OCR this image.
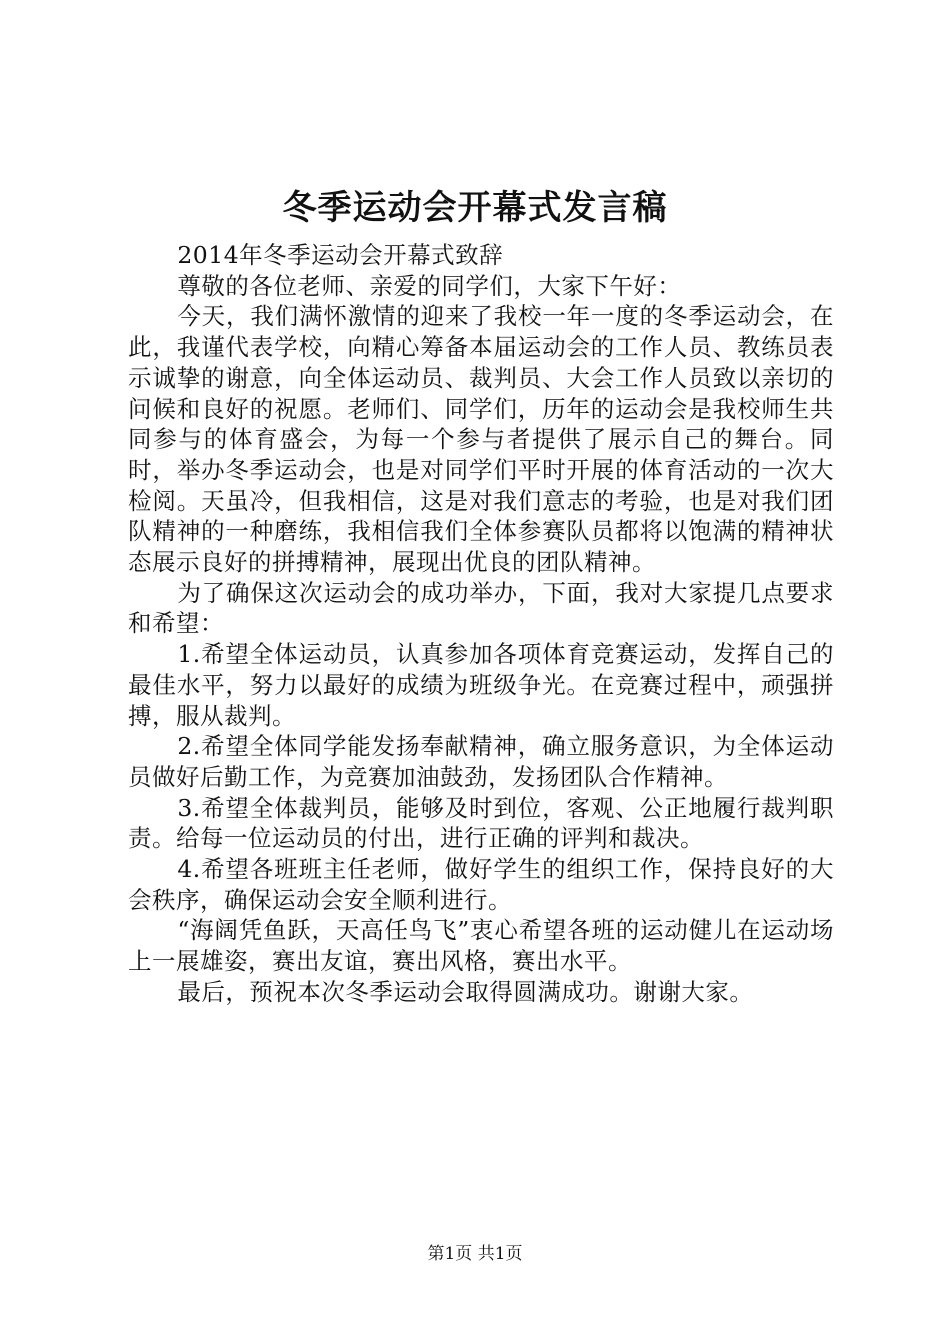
冬季运动会开幕式发言稿

2014年冬季运动会开幕式致辞

尊敬的各位老师、亲爱的同学们，大家下午好：

今天，我们满怀激情的迎来了我校一年一度的冬季运动会，在此，我谨代表学校，向精心筹备本届运动会的工作人员、教练员表示诚挚的谢意，向全体运动员、裁判员、大会工作人员致以亲切的问候和良好的祝愿。老师们、同学们，历年的运动会是我校师生共同参与的体育盛会，为每一个参与者提供了展示自己的舞台。同时，举办冬季运动会，也是对同学们平时开展的体育活动的一次大检阅。天虽冷，但我相信，这是对我们意志的考验，也是对我们团队精神的一种磨练，我相信我们全体参赛队员都将以饱满的精神状态展示良好的拼搏精神，展现出优良的团队精神。

为了确保这次运动会的成功举办，下面，我对大家提几点要求和希望：

1.希望全体运动员，认真参加各项体育竞赛运动，发挥自己的最佳水平，努力以最好的成绩为班级争光。在竞赛过程中，顽强拼搏，服从裁判。

2.希望全体同学能发扬奉献精神，确立服务意识，为全体运动员做好后勤工作，为竞赛加油鼓劲，发扬团队合作精神。

3.希望全体裁判员，能够及时到位，客观、公正地履行裁判职责。给每一位运动员的付出，进行正确的评判和裁决。

4.希望各班班主任老师，做好学生的组织工作，保持良好的大会秩序，确保运动会安全顺利进行。

“海阔凭鱼跃，天高任鸟飞”衷心希望各班的运动健儿在运动场上一展雄姿，赛出友谊，赛出风格，赛出水平。

最后，预祝本次冬季运动会取得圆满成功。谢谢大家。

第1页 共1页
